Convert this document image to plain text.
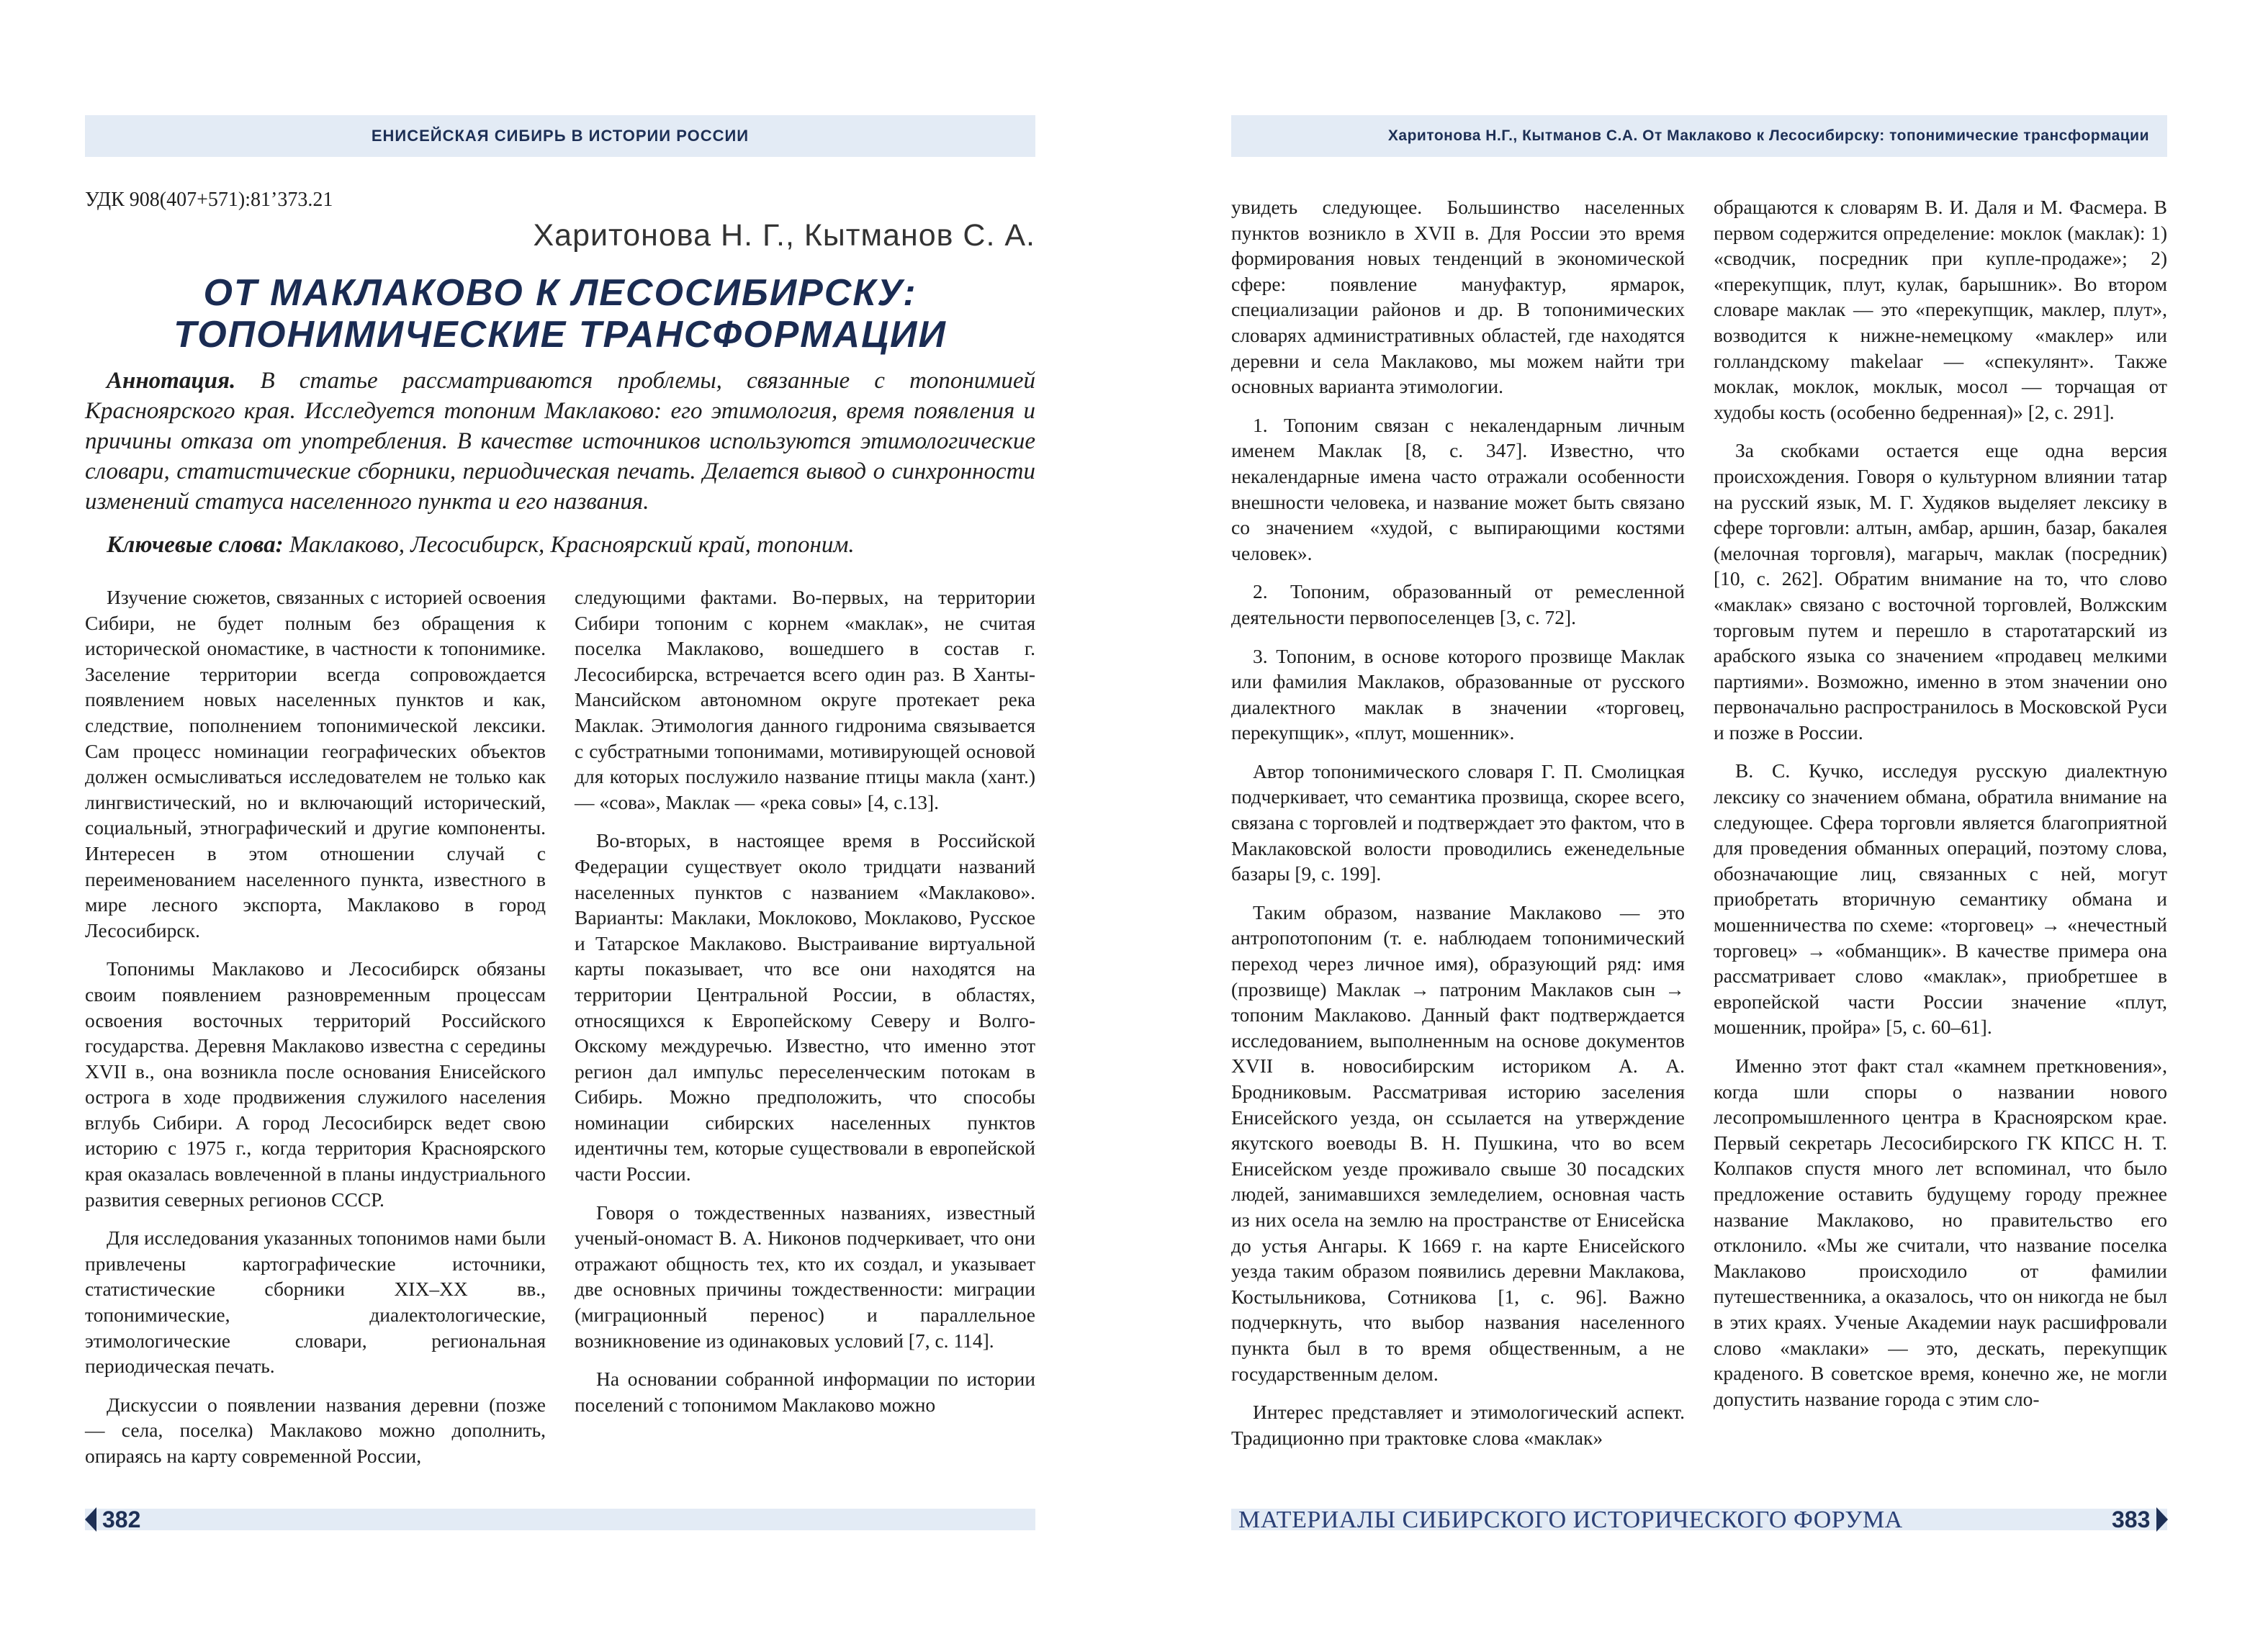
ЕНИСЕЙСКАЯ СИБИРЬ В ИСТОРИИ РОССИИ
УДК 908(407+571):81’373.21
Харитонова Н. Г., Кытманов С. А.
ОТ МАКЛАКОВО К ЛЕСОСИБИРСКУ:
ТОПОНИМИЧЕСКИЕ ТРАНСФОРМАЦИИ

Аннотация. В статье рассматриваются проблемы, связанные с топонимией Красноярского края. Исследуется топоним Маклаково: его этимология, время появления и причины отказа от употребления. В качестве источников используются этимологические словари, статистические сборники, периодическая печать. Делается вывод о синхронности изменений статуса населенного пункта и его названия.

Ключевые слова: Маклаково, Лесосибирск, Красноярский край, топоним.

Изучение сюжетов, связанных с историей освоения Сибири, не будет полным без обращения к исторической ономастике, в частности к топонимике. Заселение территории всегда сопровождается появлением новых населенных пунктов и как, следствие, пополнением топонимической лексики. Сам процесс номинации географических объектов должен осмысливаться исследователем не только как лингвистический, но и включающий исторический, социальный, этнографический и другие компоненты. Интересен в этом отношении случай с переименованием населенного пункта, известного в мире лесного экспорта, Маклаково в город Лесосибирск.

Топонимы Маклаково и Лесосибирск обязаны своим появлением разновременным процессам освоения восточных территорий Российского государства. Деревня Маклаково известна с середины XVII в., она возникла после основания Енисейского острога в ходе продвижения служилого населения вглубь Сибири. А город Лесосибирск ведет свою историю с 1975 г., когда территория Красноярского края оказалась вовлеченной в планы индустриального развития северных регионов СССР.

Для исследования указанных топонимов нами были привлечены картографические источники, статистические сборники XIX–XX вв., топонимические, диалектологические, этимологические словари, региональная периодическая печать.

Дискуссии о появлении названия деревни (позже — села, поселка) Маклаково можно дополнить, опираясь на карту современной России,

следующими фактами. Во-первых, на территории Сибири топоним с корнем «маклак», не считая поселка Маклаково, вошедшего в состав г. Лесосибирска, встречается всего один раз. В Ханты-Мансийском автономном округе протекает река Маклак. Этимология данного гидронима связывается с субстратными топонимами, мотивирующей основой для которых послужило название птицы макла (хант.) — «сова», Маклак — «река совы» [4, с.13].

Во-вторых, в настоящее время в Российской Федерации существует около тридцати названий населенных пунктов с названием «Маклаково». Варианты: Маклаки, Моклоково, Моклаково, Русское и Татарское Маклаково. Выстраивание виртуальной карты показывает, что все они находятся на территории Центральной России, в областях, относящихся к Европейскому Северу и Волго-Окскому междуречью. Известно, что именно этот регион дал импульс переселенческим потокам в Сибирь. Можно предположить, что способы номинации сибирских населенных пунктов идентичны тем, которые существовали в европейской части России.

Говоря о тождественных названиях, известный ученый-ономаст В. А. Никонов подчеркивает, что они отражают общность тех, кто их создал, и указывает две основных причины тождественности: миграции (миграционный перенос) и параллельное возникновение из одинаковых условий [7, с. 114].

На основании собранной информации по истории поселений с топонимом Маклаково можно

382
Харитонова Н.Г., Кытманов С.А. От Маклаково к Лесосибирску: топонимические трансформации

увидеть следующее. Большинство населенных пунктов возникло в XVII в. Для России это время формирования новых тенденций в экономической сфере: появление мануфактур, ярмарок, специализации районов и др. В топонимических словарях административных областей, где находятся деревни и села Маклаково, мы можем найти три основных варианта этимологии.

1. Топоним связан с некалендарным личным именем Маклак [8, с. 347]. Известно, что некалендарные имена часто отражали особенности внешности человека, и название может быть связано со значением «худой, с выпирающими костями человек».

2. Топоним, образованный от ремесленной деятельности первопоселенцев [3, с. 72].

3. Топоним, в основе которого прозвище Маклак или фамилия Маклаков, образованные от русского диалектного маклак в значении «торговец, перекупщик», «плут, мошенник».

Автор топонимического словаря Г. П. Смолицкая подчеркивает, что семантика прозвища, скорее всего, связана с торговлей и подтверждает это фактом, что в Маклаковской волости проводились еженедельные базары [9, с. 199].

Таким образом, название Маклаково — это антропотопоним (т. е. наблюдаем топонимический переход через личное имя), образующий ряд: имя (прозвище) Маклак → патроним Маклаков сын → топоним Маклаково. Данный факт подтверждается исследованием, выполненным на основе документов XVII в. новосибирским историком А. А. Бродниковым. Рассматривая историю заселения Енисейского уезда, он ссылается на утверждение якутского воеводы В. Н. Пушкина, что во всем Енисейском уезде проживало свыше 30 посадских людей, занимавшихся земледелием, основная часть из них осела на землю на пространстве от Енисейска до устья Ангары. К 1669 г. на карте Енисейского уезда таким образом появились деревни Маклакова, Костыльникова, Сотникова [1, с. 96]. Важно подчеркнуть, что выбор названия населенного пункта был в то время общественным, а не государственным делом.

Интерес представляет и этимологический аспект. Традиционно при трактовке слова «маклак»

обращаются к словарям В. И. Даля и М. Фасмера. В первом содержится определение: моклок (маклак): 1) «сводчик, посредник при купле-продаже»; 2) «перекупщик, плут, кулак, барышник». Во втором словаре маклак — это «перекупщик, маклер, плут», возводится к нижне-немецкому «маклер» или голландскому makelaar — «спекулянт». Также моклак, моклок, моклык, мосол — торчащая от худобы кость (особенно бедренная)» [2, с. 291].

За скобками остается еще одна версия происхождения. Говоря о культурном влиянии татар на русский язык, М. Г. Худяков выделяет лексику в сфере торговли: алтын, амбар, аршин, базар, бакалея (мелочная торговля), магарыч, маклак (посредник) [10, с. 262]. Обратим внимание на то, что слово «маклак» связано с восточной торговлей, Волжским торговым путем и перешло в старотатарский из арабского языка со значением «продавец мелкими партиями». Возможно, именно в этом значении оно первоначально распространилось в Московской Руси и позже в России.

В. С. Кучко, исследуя русскую диалектную лексику со значением обмана, обратила внимание на следующее. Сфера торговли является благоприятной для проведения обманных операций, поэтому слова, обозначающие лиц, связанных с ней, могут приобретать вторичную семантику обмана и мошенничества по схеме: «торговец» → «нечестный торговец» → «обманщик». В качестве примера она рассматривает слово «маклак», приобретшее в европейской части России значение «плут, мошенник, пройра» [5, с. 60–61].

Именно этот факт стал «камнем преткновения», когда шли споры о названии нового лесопромышленного центра в Красноярском крае. Первый секретарь Лесосибирского ГК КПСС Н. Т. Колпаков спустя много лет вспоминал, что было предложение оставить будущему городу прежнее название Маклаково, но правительство его отклонило. «Мы же считали, что название поселка Маклаково происходило от фамилии путешественника, а оказалось, что он никогда не был в этих краях. Ученые Академии наук расшифровали слово «маклаки» — это, дескать, перекупщик краденого. В советское время, конечно же, не могли допустить название города с этим сло-

МАТЕРИАЛЫ СИБИРСКОГО ИСТОРИЧЕСКОГО ФОРУМА	383
